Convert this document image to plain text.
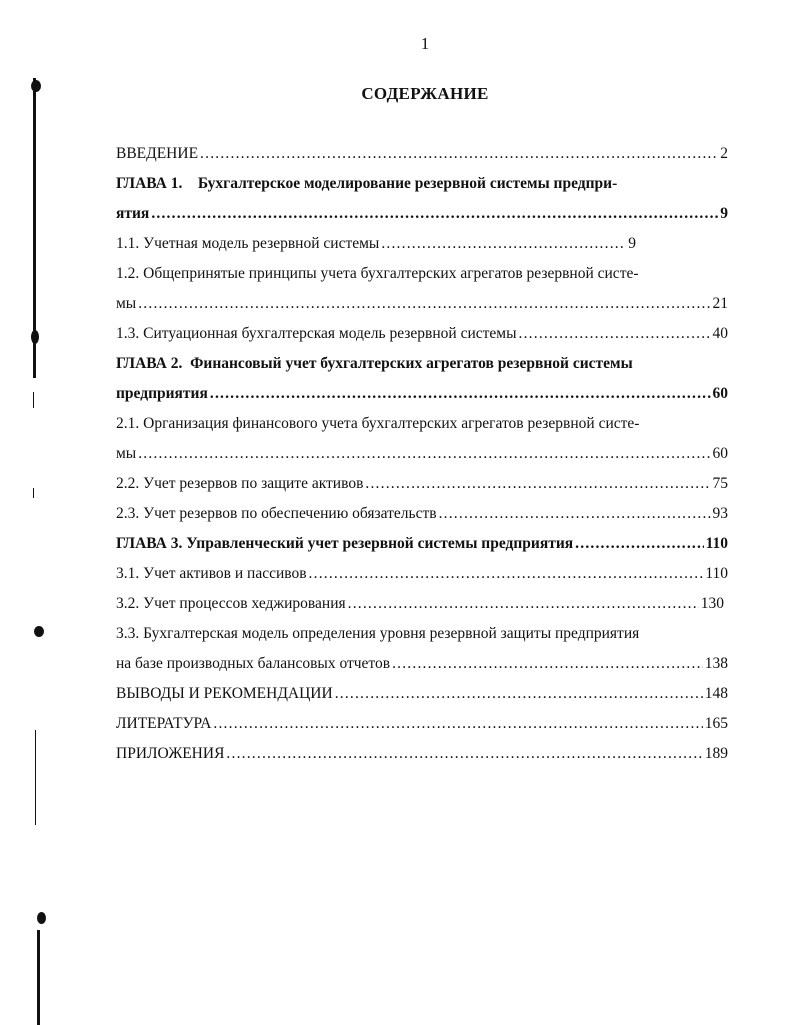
1
СОДЕРЖАНИЕ
ВВЕДЕНИЕ .....	2
ГЛАВА 1.    Бухгалтерское моделирование резервной системы предпри-
ятия .....	9
1.1. Учетная модель резервной системы .....	9
1.2. Общепринятые принципы учета бухгалтерских агрегатов резервной систе-
мы .....	21
1.3. Ситуационная бухгалтерская модель резервной системы .....	40
ГЛАВА 2.  Финансовый учет бухгалтерских агрегатов резервной системы
предприятия .....	60
2.1. Организация финансового учета бухгалтерских агрегатов резервной систе-
мы .....	60
2.2. Учет резервов по защите активов .....	75
2.3. Учет резервов по обеспечению обязательств .....	93
ГЛАВА 3. Управленческий учет резервной системы предприятия .....	110
3.1. Учет активов и пассивов .....	110
3.2. Учет процессов хеджирования .....	130
3.3. Бухгалтерская модель определения уровня резервной защиты предприятия
на базе производных балансовых отчетов .....	138
ВЫВОДЫ И РЕКОМЕНДАЦИИ .....	148
ЛИТЕРАТУРА .....	165
ПРИЛОЖЕНИЯ .....	189
